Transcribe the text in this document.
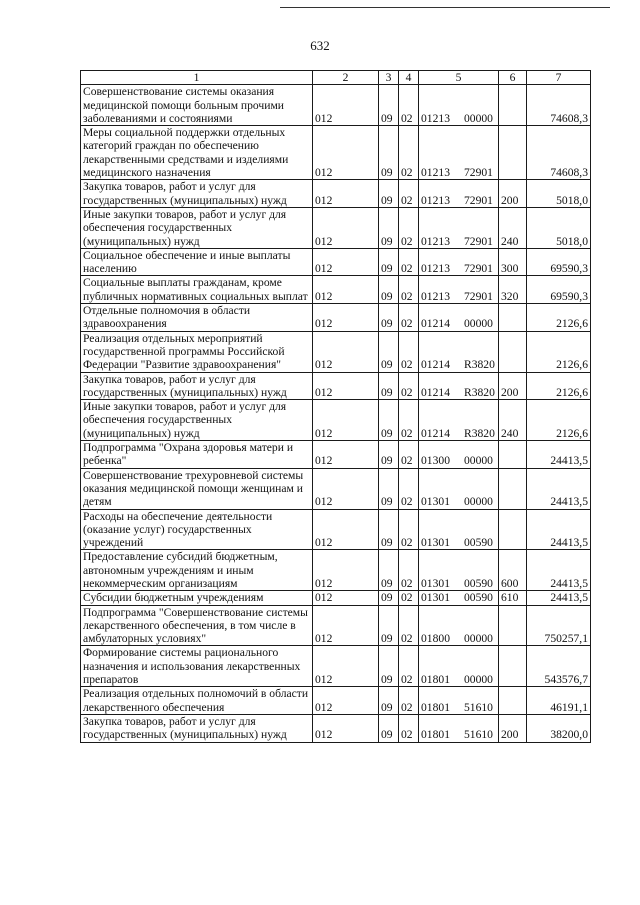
632
1	2	3	4	5	6	7
Совершенствование системы оказания медицинской помощи больным прочими заболеваниями и состояниями	012	09	02	01213 00000		74608,3
Меры социальной поддержки отдельных категорий граждан по обеспечению лекарственными средствами и изделиями медицинского назначения	012	09	02	01213 72901		74608,3
Закупка товаров, работ и услуг для государственных (муниципальных) нужд	012	09	02	01213 72901	200	5018,0
Иные закупки товаров, работ и услуг для обеспечения государственных (муниципальных) нужд	012	09	02	01213 72901	240	5018,0
Социальное обеспечение и иные выплаты населению	012	09	02	01213 72901	300	69590,3
Социальные выплаты гражданам, кроме публичных нормативных социальных выплат	012	09	02	01213 72901	320	69590,3
Отдельные полномочия в области здравоохранения	012	09	02	01214 00000		2126,6
Реализация отдельных мероприятий государственной программы Российской Федерации "Развитие здравоохранения"	012	09	02	01214 R3820		2126,6
Закупка товаров, работ и услуг для государственных (муниципальных) нужд	012	09	02	01214 R3820	200	2126,6
Иные закупки товаров, работ и услуг для обеспечения государственных (муниципальных) нужд	012	09	02	01214 R3820	240	2126,6
Подпрограмма "Охрана здоровья матери и ребенка"	012	09	02	01300 00000		24413,5
Совершенствование трехуровневой системы оказания медицинской помощи женщинам и детям	012	09	02	01301 00000		24413,5
Расходы на обеспечение деятельности (оказание услуг) государственных учреждений	012	09	02	01301 00590		24413,5
Предоставление субсидий бюджетным, автономным учреждениям и иным некоммерческим организациям	012	09	02	01301 00590	600	24413,5
Субсидии бюджетным учреждениям	012	09	02	01301 00590	610	24413,5
Подпрограмма "Совершенствование системы лекарственного обеспечения, в том числе в амбулаторных условиях"	012	09	02	01800 00000		750257,1
Формирование системы рационального назначения и использования лекарственных препаратов	012	09	02	01801 00000		543576,7
Реализация отдельных полномочий в области лекарственного обеспечения	012	09	02	01801 51610		46191,1
Закупка товаров, работ и услуг для государственных (муниципальных) нужд	012	09	02	01801 51610	200	38200,0
